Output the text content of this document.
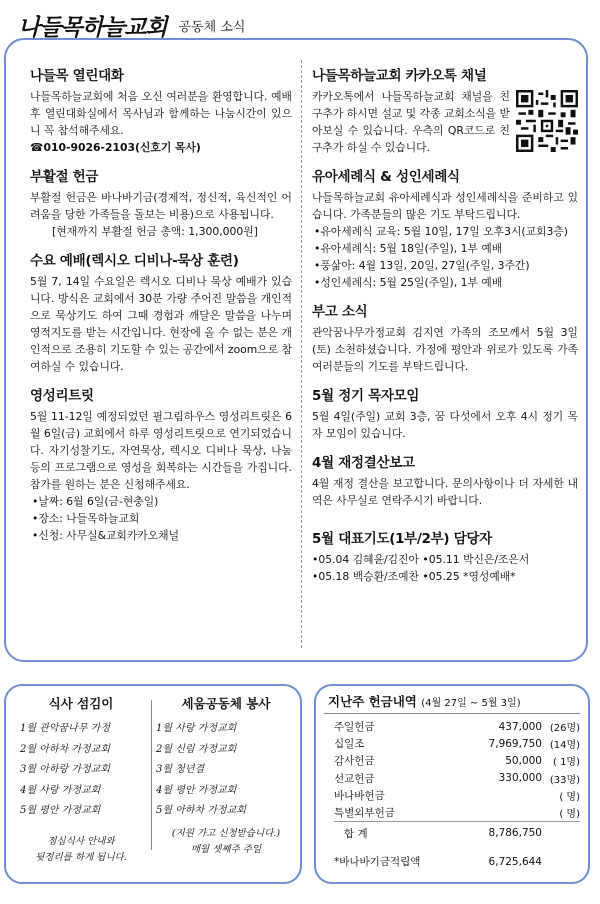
나들목하늘교회 공동체 소식
나들목 열린대화
나들목하늘교회에 처음 오신 여러분을 환영합니다. 예배 후 열린대화실에서 목사님과 함께하는 나눔시간이 있으니 꼭 참석해주세요.
☎010-9026-2103(신호기 목사)
부활절 헌금
부활절 헌금은 바나바기금(경제적, 정신적, 육신적인 어려움을 당한 가족들을 돌보는 비용)으로 사용됩니다.
[현재까지 부활절 헌금 총액: 1,300,000원]
수요 예배(렉시오 디비나-묵상 훈련)
5월 7, 14일 수요일은 렉시오 디비나 묵상 예배가 있습니다. 방식은 교회에서 30분 가량 주어진 말씀을 개인적으로 묵상기도 하여 그때 경험과 깨달은 말씀을 나누며 영적지도를 받는 시간입니다. 현장에 올 수 없는 분은 개인적으로 조용히 기도할 수 있는 공간에서 zoom으로 참여하실 수 있습니다.
영성리트릿
5월 11-12일 예정되었던 필그림하우스 영성리트릿은 6월 6일(금) 교회에서 하루 영성리트릿으로 연기되었습니다. 자기성찰기도, 자연묵상, 렉시오 디비나 묵상, 나눔 등의 프로그램으로 영성을 회복하는 시간들을 가집니다. 참가를 원하는 분은 신청해주세요.
•날짜: 6월 6일(금-현충일)
•장소: 나들목하늘교회
•신청: 사무실&교회카카오채널
나들목하늘교회 카카오톡 채널
카카오톡에서 나들목하늘교회 채널을 친구추가 하시면 설교 및 각종 교회소식을 받아보실 수 있습니다. 우측의 QR코드로 친구추가 하실 수 있습니다.
유아세례식 & 성인세례식
나들목하늘교회 유아세례식과 성인세례식을 준비하고 있습니다. 가족분들의 많은 기도 부탁드립니다.
•유아세례식 교육: 5월 10일, 17일 오후3시(교회3층)
•유아세례식: 5월 18일(주일), 1부 예배
•풍삶아: 4월 13일, 20일, 27일(주일, 3주간)
•성인세례식: 5월 25일(주일), 1부 예배
부고 소식
관악꿈나무가정교회 김지연 가족의 조모께서 5월 3일(토) 소천하셨습니다. 가정에 평안과 위로가 있도록 가족 여러분들의 기도를 부탁드립니다.
5월 정기 목자모임
5월 4일(주일) 교회 3층, 꿈 다섯에서 오후 4시 정기 목자 모임이 있습니다.
4월 재정결산보고
4월 재정 결산을 보고합니다. 문의사항이나 더 자세한 내역은 사무실로 연락주시기 바랍니다.
5월 대표기도(1부/2부) 담당자
•05.04 김혜윤/김진아 •05.11 박신은/조은서
•05.18 백승환/조예찬 •05.25 *영성예배*
식사 섬김이
1월 관악꿈나무 가정
2월 아하차 가정교회
3월 아하랑 가정교회
4월 사랑 가정교회
5월 평안 가정교회
점심식사 안내와
뒷정리를 하게 됩니다.
세움공동체 봉사
1월 사랑 가정교회
2월 신림 가정교회
3월 청년결
4월 평안 가정교회
5월 아하차 가정교회
(지원 가고 신청받습니다.)
매월 셋째주 주일
지난주 헌금내역 (4월 27일 ~ 5월 3일)
주일헌금	437,000	(26명)
십일조	7,969,750	(14명)
감사헌금	50,000	( 1명)
선교헌금	330,000	(33명)
바나바헌금		( 명)
특별외부헌금		( 명)
합 계	8,786,750	

*바나바기금적립액	6,725,644	
